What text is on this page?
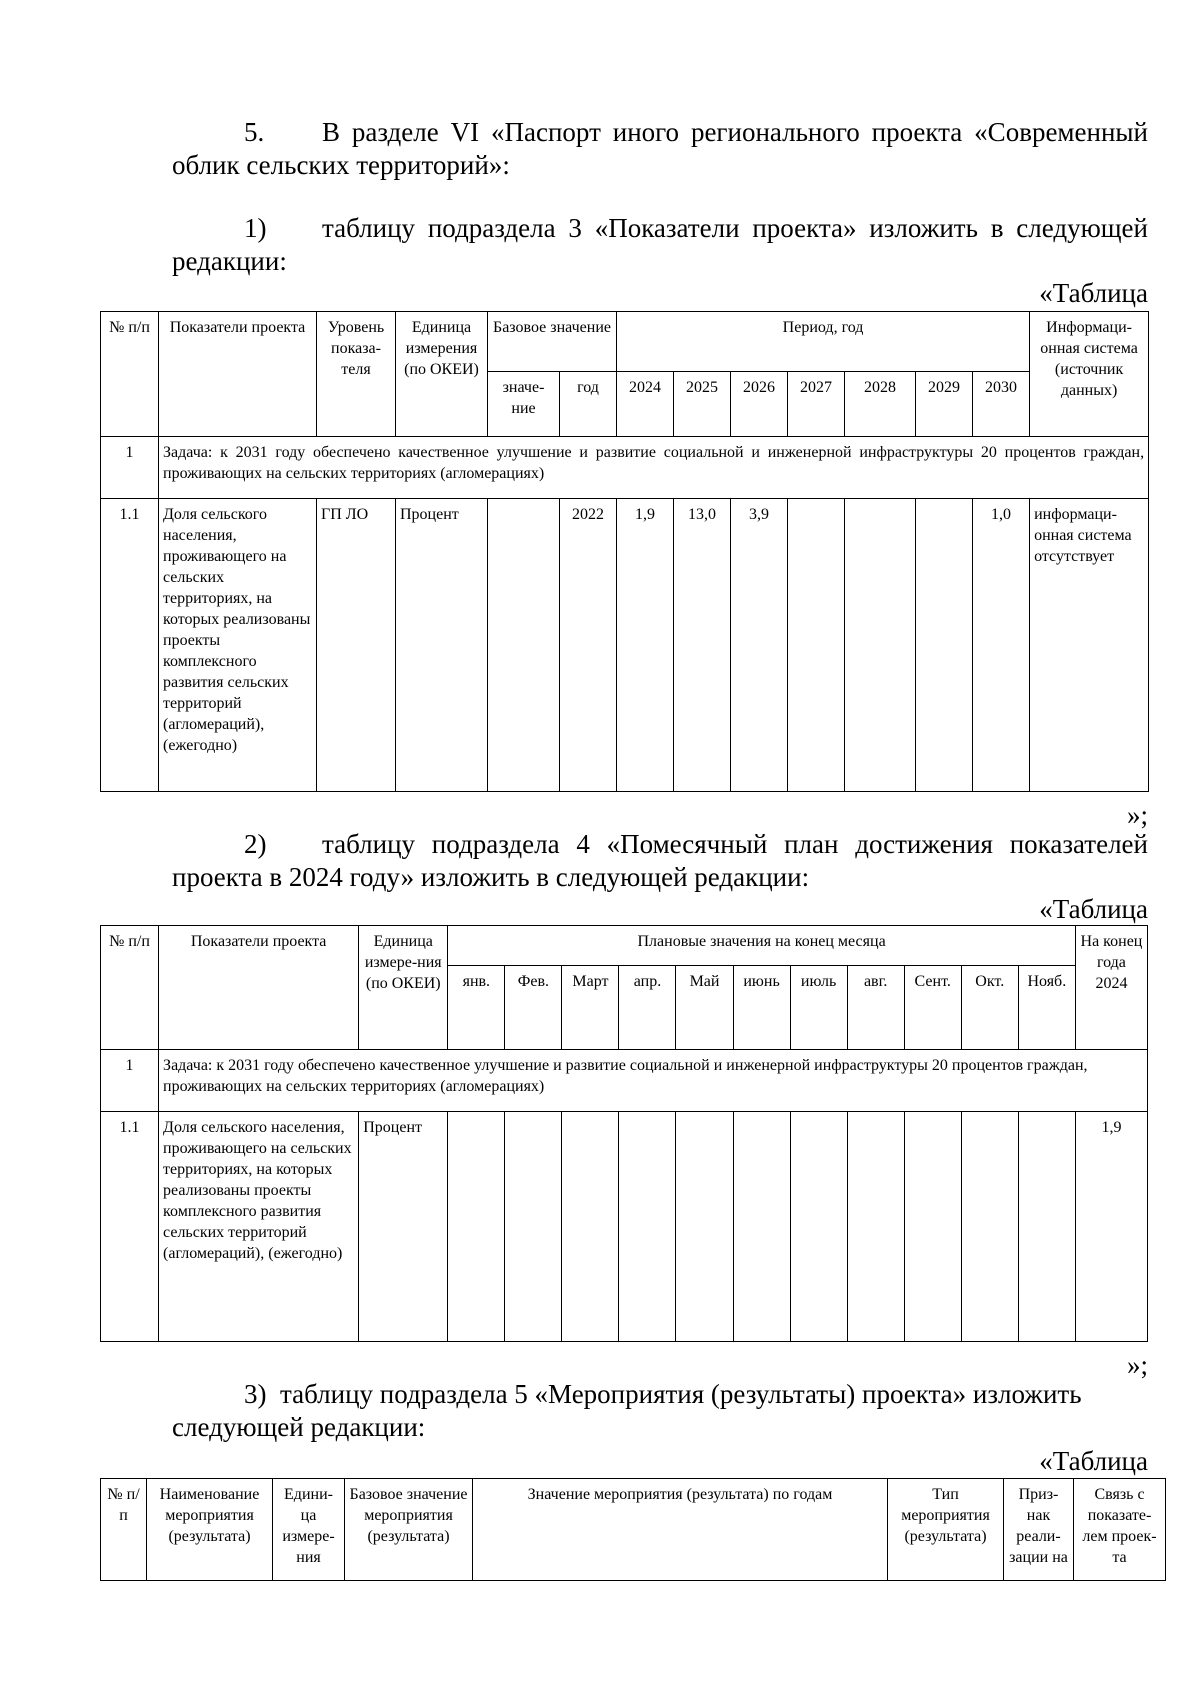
5. В разделе VI «Паспорт иного регионального проекта «Современный облик сельских территорий»:
1) таблицу подраздела 3 «Показатели проекта» изложить в следующей редакции:
«Таблица
№ п/п	Показатели проекта	Уровень показа-теля	Единица измерения (по ОКЕИ)	Базовое значение		Период, год							Информаци-онная система (источник данных)
				значе-ние	год	2024	2025	2026	2027	2028	2029	2030	
1	Задача: к 2031 году обеспечено качественное улучшение и развитие социальной и инженерной инфраструктуры 20 процентов граждан, проживающих на сельских территориях (агломерациях)												
1.1	Доля сельского населения, проживающего на сельских территориях, на которых реализованы проекты комплексного развития сельских территорий (агломераций), (ежегодно)	ГП ЛО	Процент		2022	1,9	13,0	3,9				1,0	информаци-онная система отсутствует
»;
2) таблицу подраздела 4 «Помесячный план достижения показателей проекта в 2024 году» изложить в следующей редакции:
«Таблица
№ п/п	Показатели проекта	Единица измере-ния (по ОКЕИ)	Плановые значения на конец месяца											На конец года 2024
			янв.	Фев.	Март	апр.	Май	июнь	июль	авг.	Сент.	Окт.	Нояб.	
1	Задача: к 2031 году обеспечено качественное улучшение и развитие социальной и инженерной инфраструктуры 20 процентов граждан, проживающих на сельских территориях (агломерациях)													
1.1	Доля сельского населения, проживающего на сельских территориях, на которых реализованы проекты комплексного развития сельских территорий (агломераций), (ежегодно)	Процент												1,9
»;
3) таблицу подраздела 5 «Мероприятия (результаты) проекта» изложить следующей редакции:
«Таблица
№ п/п	Наименование мероприятия (результата)	Едини-ца измере-ния	Базовое значение мероприятия (результата)	Значение мероприятия (результата) по годам	Тип мероприятия (результата)	Приз-нак реали-зации на	Связь с показате-лем проек-та
